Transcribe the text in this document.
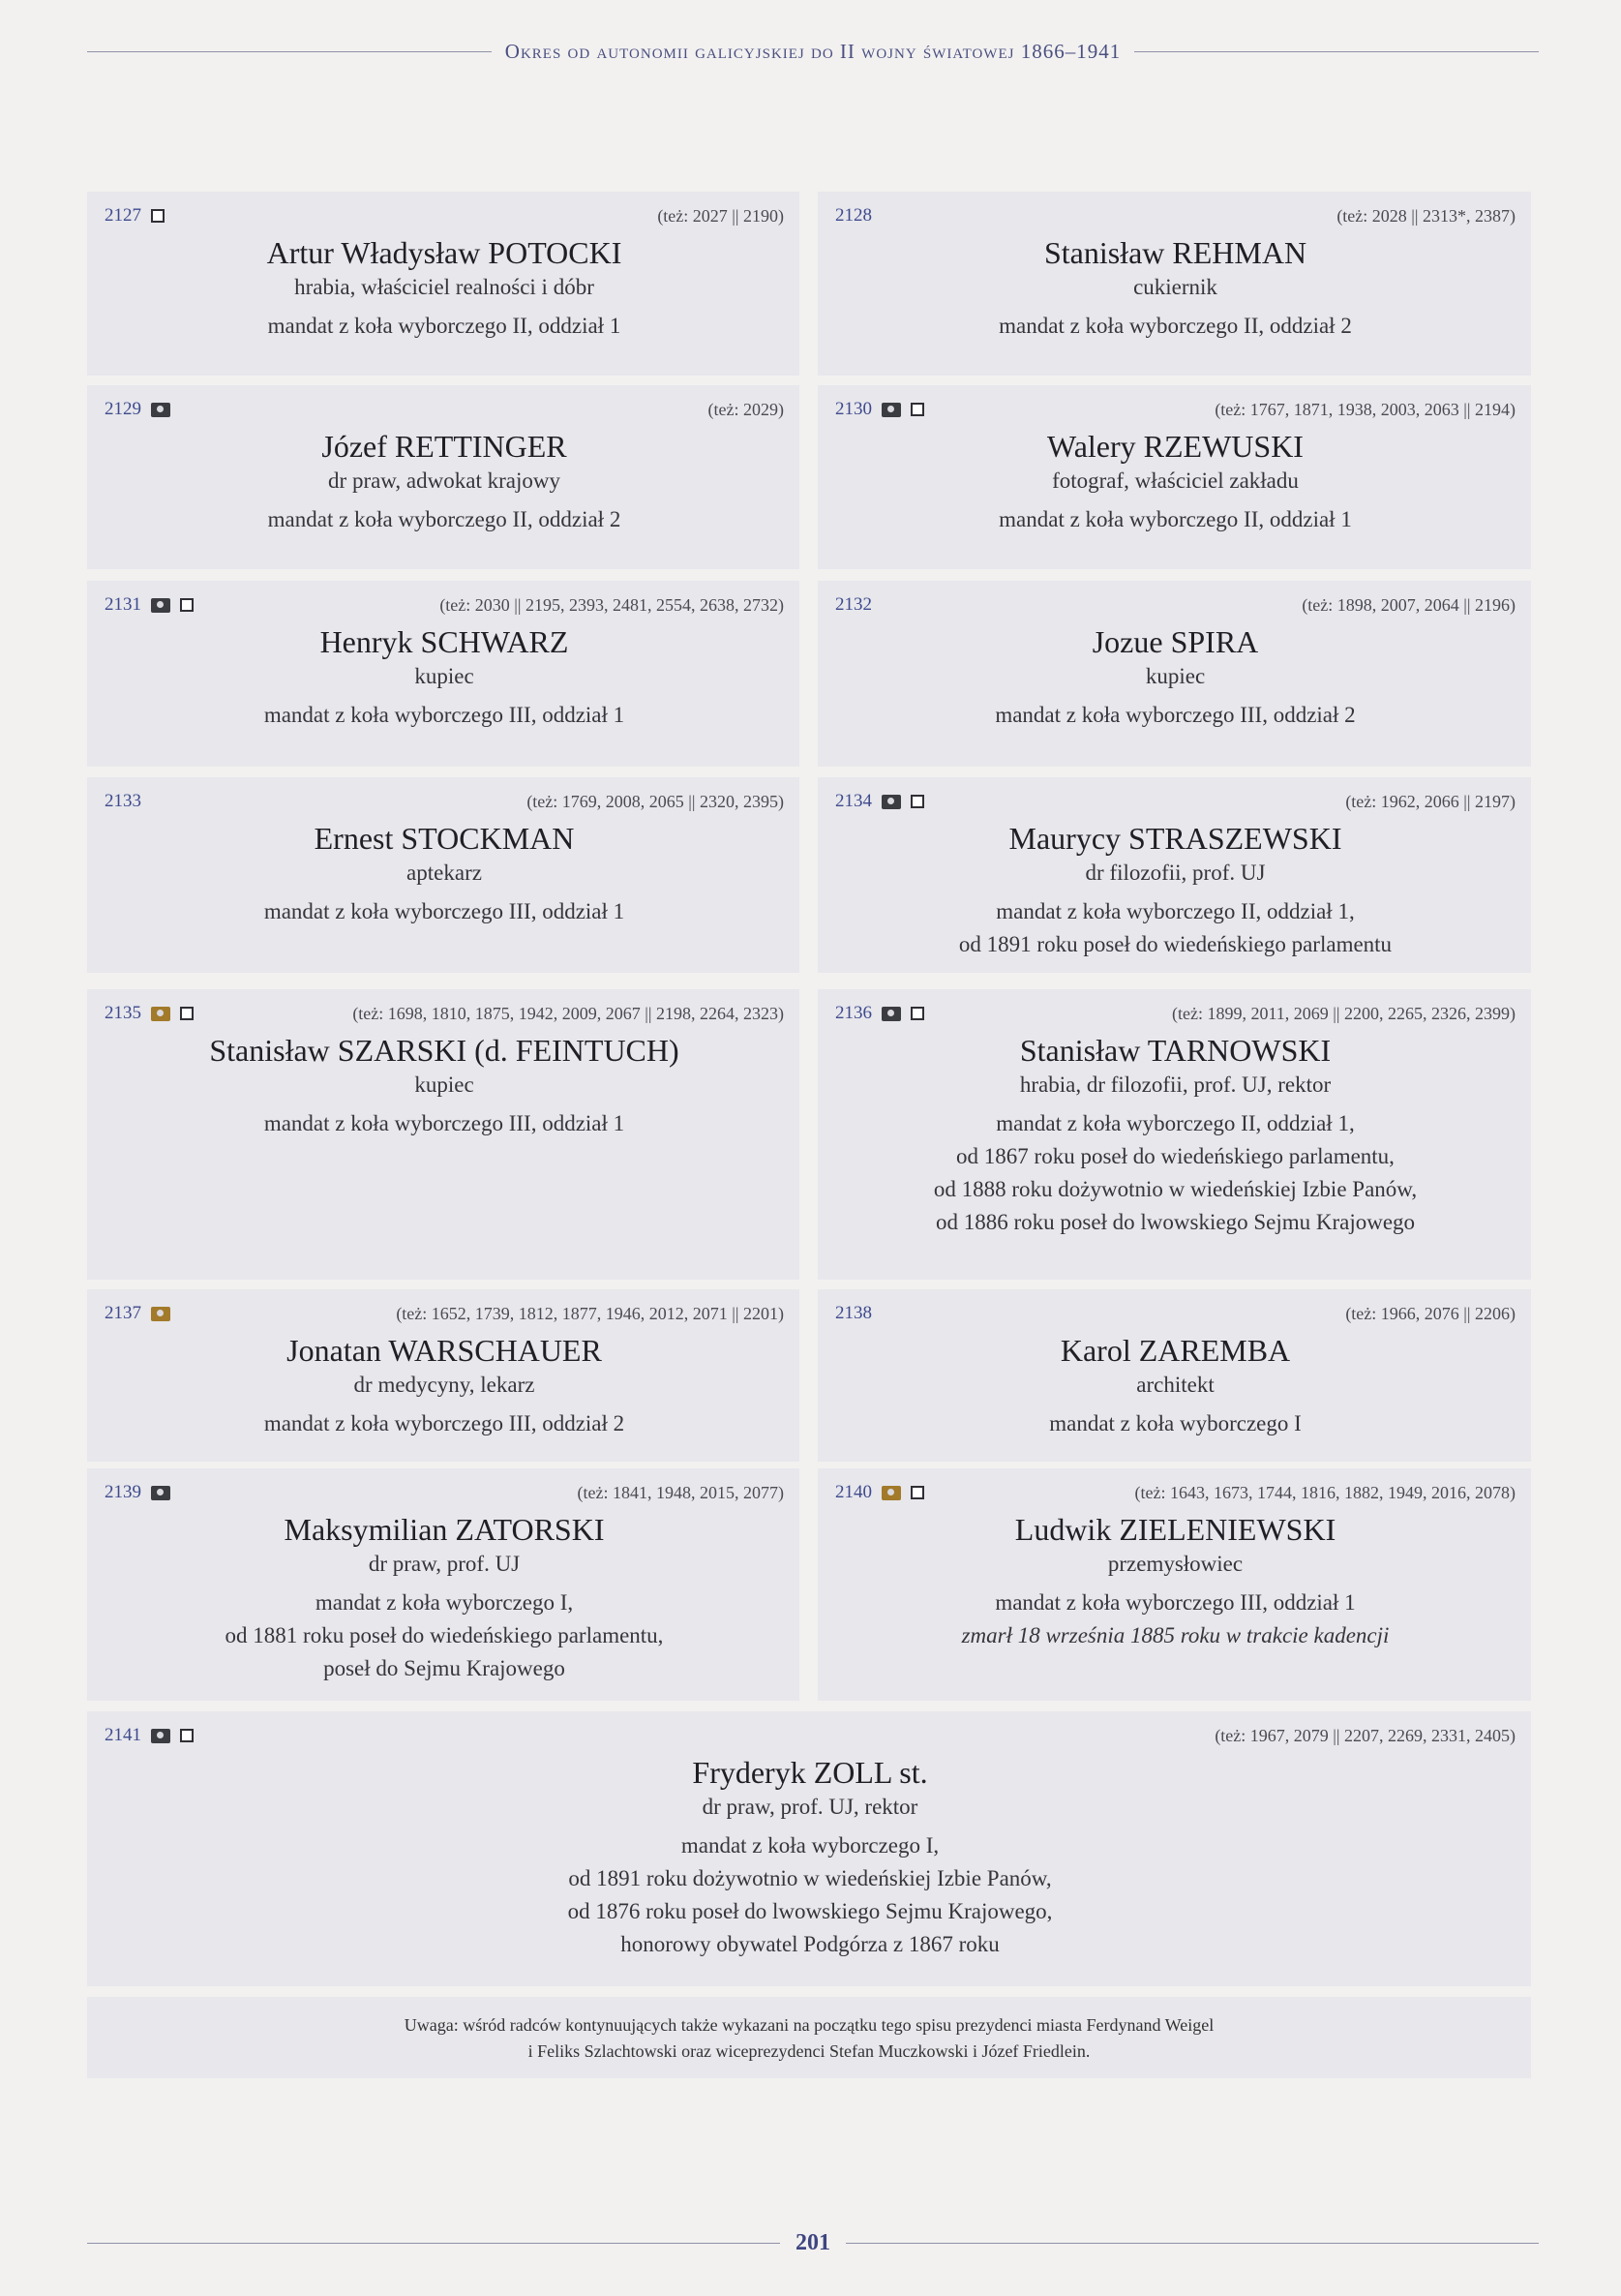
Okres od autonomii galicyjskiej do II wojny światowej 1866–1941
2127	(też: 2027 || 2190)
Artur Władysław POTOCKI
hrabia, właściciel realności i dóbr
mandat z koła wyborczego II, oddział 1
2128	(też: 2028 || 2313*, 2387)
Stanisław REHMAN
cukiernik
mandat z koła wyborczego II, oddział 2
2129	(też: 2029)
Józef RETTINGER
dr praw, adwokat krajowy
mandat z koła wyborczego II, oddział 2
2130	(też: 1767, 1871, 1938, 2003, 2063 || 2194)
Walery RZEWUSKI
fotograf, właściciel zakładu
mandat z koła wyborczego II, oddział 1
2131	(też: 2030 || 2195, 2393, 2481, 2554, 2638, 2732)
Henryk SCHWARZ
kupiec
mandat z koła wyborczego III, oddział 1
2132	(też: 1898, 2007, 2064 || 2196)
Jozue SPIRA
kupiec
mandat z koła wyborczego III, oddział 2
2133	(też: 1769, 2008, 2065 || 2320, 2395)
Ernest STOCKMAN
aptekarz
mandat z koła wyborczego III, oddział 1
2134	(też: 1962, 2066 || 2197)
Maurycy STRASZEWSKI
dr filozofii, prof. UJ
mandat z koła wyborczego II, oddział 1,
od 1891 roku poseł do wiedeńskiego parlamentu
2135	(też: 1698, 1810, 1875, 1942, 2009, 2067 || 2198, 2264, 2323)
Stanisław SZARSKI (d. FEINTUCH)
kupiec
mandat z koła wyborczego III, oddział 1
2136	(też: 1899, 2011, 2069 || 2200, 2265, 2326, 2399)
Stanisław TARNOWSKI
hrabia, dr filozofii, prof. UJ, rektor
mandat z koła wyborczego II, oddział 1,
od 1867 roku poseł do wiedeńskiego parlamentu,
od 1888 roku dożywotnio w wiedeńskiej Izbie Panów,
od 1886 roku poseł do lwowskiego Sejmu Krajowego
2137	(też: 1652, 1739, 1812, 1877, 1946, 2012, 2071 || 2201)
Jonatan WARSCHAUER
dr medycyny, lekarz
mandat z koła wyborczego III, oddział 2
2138	(też: 1966, 2076 || 2206)
Karol ZAREMBA
architekt
mandat z koła wyborczego I
2139	(też: 1841, 1948, 2015, 2077)
Maksymilian ZATORSKI
dr praw, prof. UJ
mandat z koła wyborczego I,
od 1881 roku poseł do wiedeńskiego parlamentu,
poseł do Sejmu Krajowego
2140	(też: 1643, 1673, 1744, 1816, 1882, 1949, 2016, 2078)
Ludwik ZIELENIEWSKI
przemysłowiec
mandat z koła wyborczego III, oddział 1
zmarł 18 września 1885 roku w trakcie kadencji
2141	(też: 1967, 2079 || 2207, 2269, 2331, 2405)
Fryderyk ZOLL st.
dr praw, prof. UJ, rektor
mandat z koła wyborczego I,
od 1891 roku dożywotnio w wiedeńskiej Izbie Panów,
od 1876 roku poseł do lwowskiego Sejmu Krajowego,
honorowy obywatel Podgórza z 1867 roku
Uwaga: wśród radców kontynuujących także wykazani na początku tego spisu prezydenci miasta Ferdynand Weigel
i Feliks Szlachtowski oraz wiceprezydenci Stefan Muczkowski i Józef Friedlein.
201
